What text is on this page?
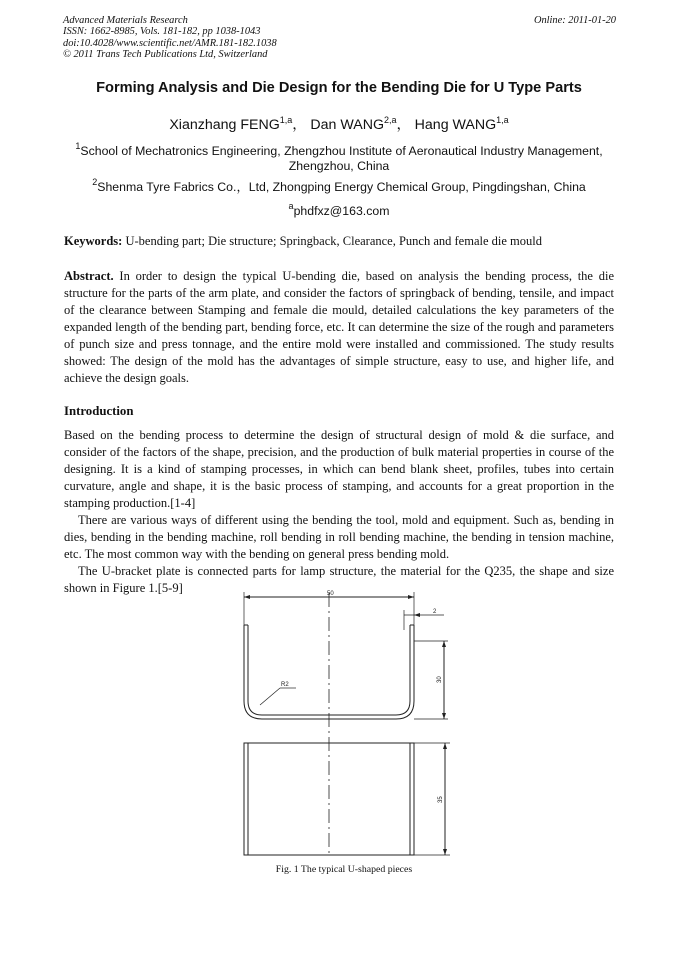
Advanced Materials Research
ISSN: 1662-8985, Vols. 181-182, pp 1038-1043
doi:10.4028/www.scientific.net/AMR.181-182.1038
© 2011 Trans Tech Publications Ltd, Switzerland
Online: 2011-01-20
Forming Analysis and Die Design for the Bending Die for U Type Parts
Xianzhang FENG$^{1,a}$， Dan WANG$^{2,a}$， Hang WANG$^{1,a}$
$^1$School of Mechatronics Engineering, Zhengzhou Institute of Aeronautical Industry Management, Zhengzhou, China
$^2$Shenma Tyre Fabrics Co.，Ltd, Zhongping Energy Chemical Group, Pingdingshan, China
$^a$phdfxz@163.com
Keywords: U-bending part; Die structure; Springback, Clearance, Punch and female die mould
Abstract. In order to design the typical U-bending die, based on analysis the bending process, the die structure for the parts of the arm plate, and consider the factors of springback of bending, tensile, and impact of the clearance between Stamping and female die mould, detailed calculations the key parameters of the expanded length of the bending part, bending force, etc. It can determine the size of the rough and parameters of punch size and press tonnage, and the entire mold were installed and commissioned. The study results showed: The design of the mold has the advantages of simple structure, easy to use, and higher life, and achieve the design goals.
Introduction
Based on the bending process to determine the design of structural design of mold & die surface, and consider of the factors of the shape, precision, and the production of bulk material properties in course of the designing. It is a kind of stamping processes, in which can bend blank sheet, profiles, tubes into certain curvature, angle and shape, it is the basic process of stamping, and accounts for a great proportion in the stamping production.[1-4]
There are various ways of different using the bending the tool, mold and equipment. Such as, bending in dies, bending in the bending machine, roll bending in roll bending machine, the bending in tension machine, etc. The most common way with the bending on general press bending mold.
The U-bracket plate is connected parts for lamp structure, the material for the Q235, the shape and size shown in Figure 1.[5-9]	50
2
R2
30
35
Fig. 1 The typical U-shaped pieces
